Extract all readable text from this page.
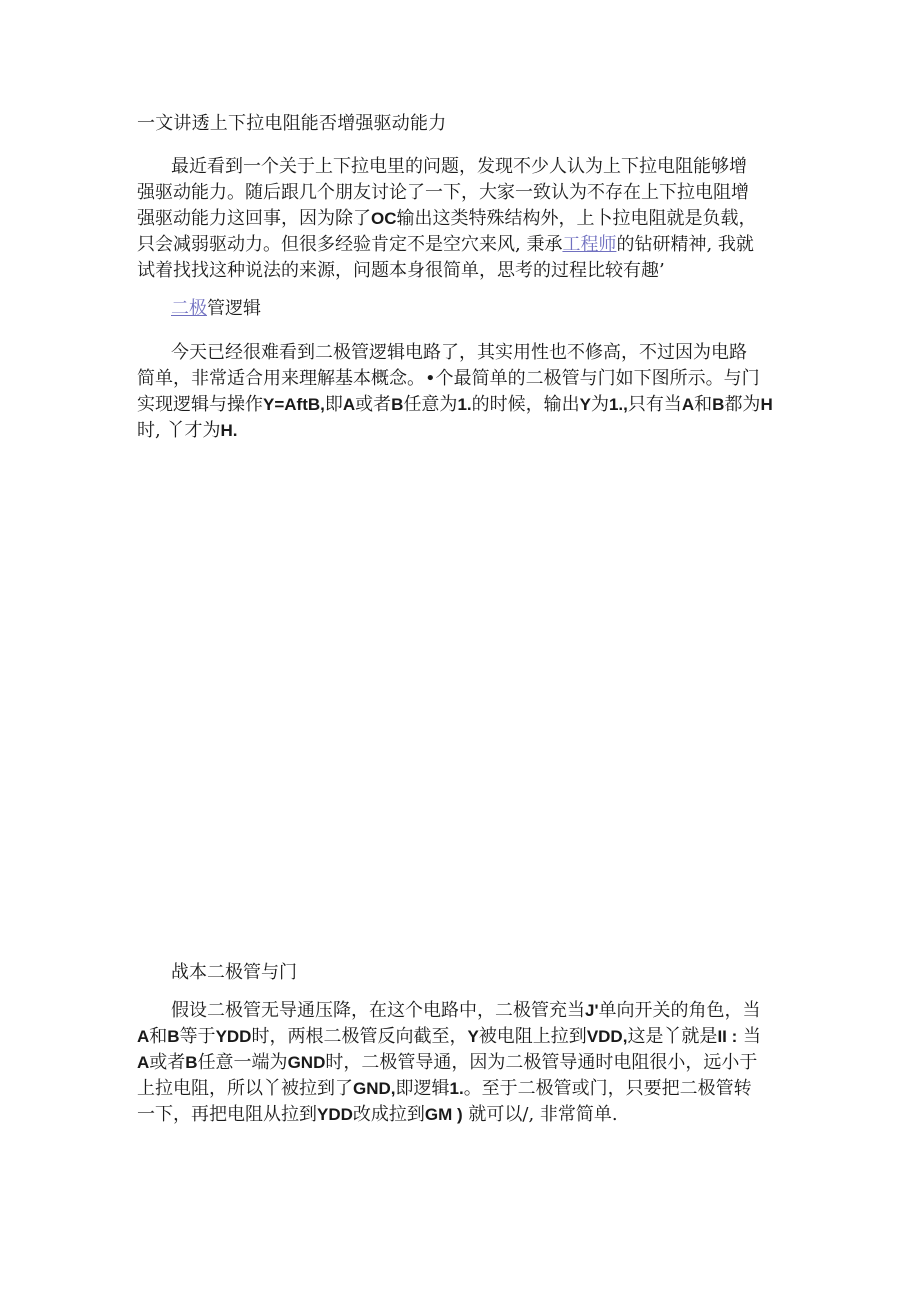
一文讲透上下拉电阻能否增强驱动能力

最近看到一个关于上下拉电里的问题，发现不少人认为上下拉电阻能够增
强驱动能力。随后跟几个朋友讨论了一下，大家一致认为不存在上下拉电阻增
强驱动能力这回事，因为除了OC输出这类特殊结构外，上卜拉电阻就是负载，
只会减弱驱动力。但很多经验肯定不是空穴来风, 秉承工程师的钻研精神, 我就
试着找找这种说法的来源，问题本身很简单，思考的过程比较有趣’

二极管逻辑

今天已经很难看到二极管逻辑电路了，其实用性也不修高，不过因为电路
简单，非常适合用来理解基本概念。•个最简单的二极管与门如下图所示。与门
实现逻辑与操作Y=AftB,即A或者B任意为1.的时候，输出Y为1.,只有当A和B都为H
时, 丫才为H.

战本二极管与门

假设二极管无导通压降，在这个电路中，二极管充当J'单向开关的角色，当
A和B等于YDD时，两根二极管反向截至，Y被电阻上拉到VDD,这是丫就是II : 当
A或者B任意一端为GND时，二极管导通，因为二极管导通时电阻很小，远小于
上拉电阻，所以丫被拉到了GND,即逻辑1.。至于二极管或门，只要把二极管转
一下，再把电阻从拉到YDD改成拉到GM ) 就可以/, 非常简单.
